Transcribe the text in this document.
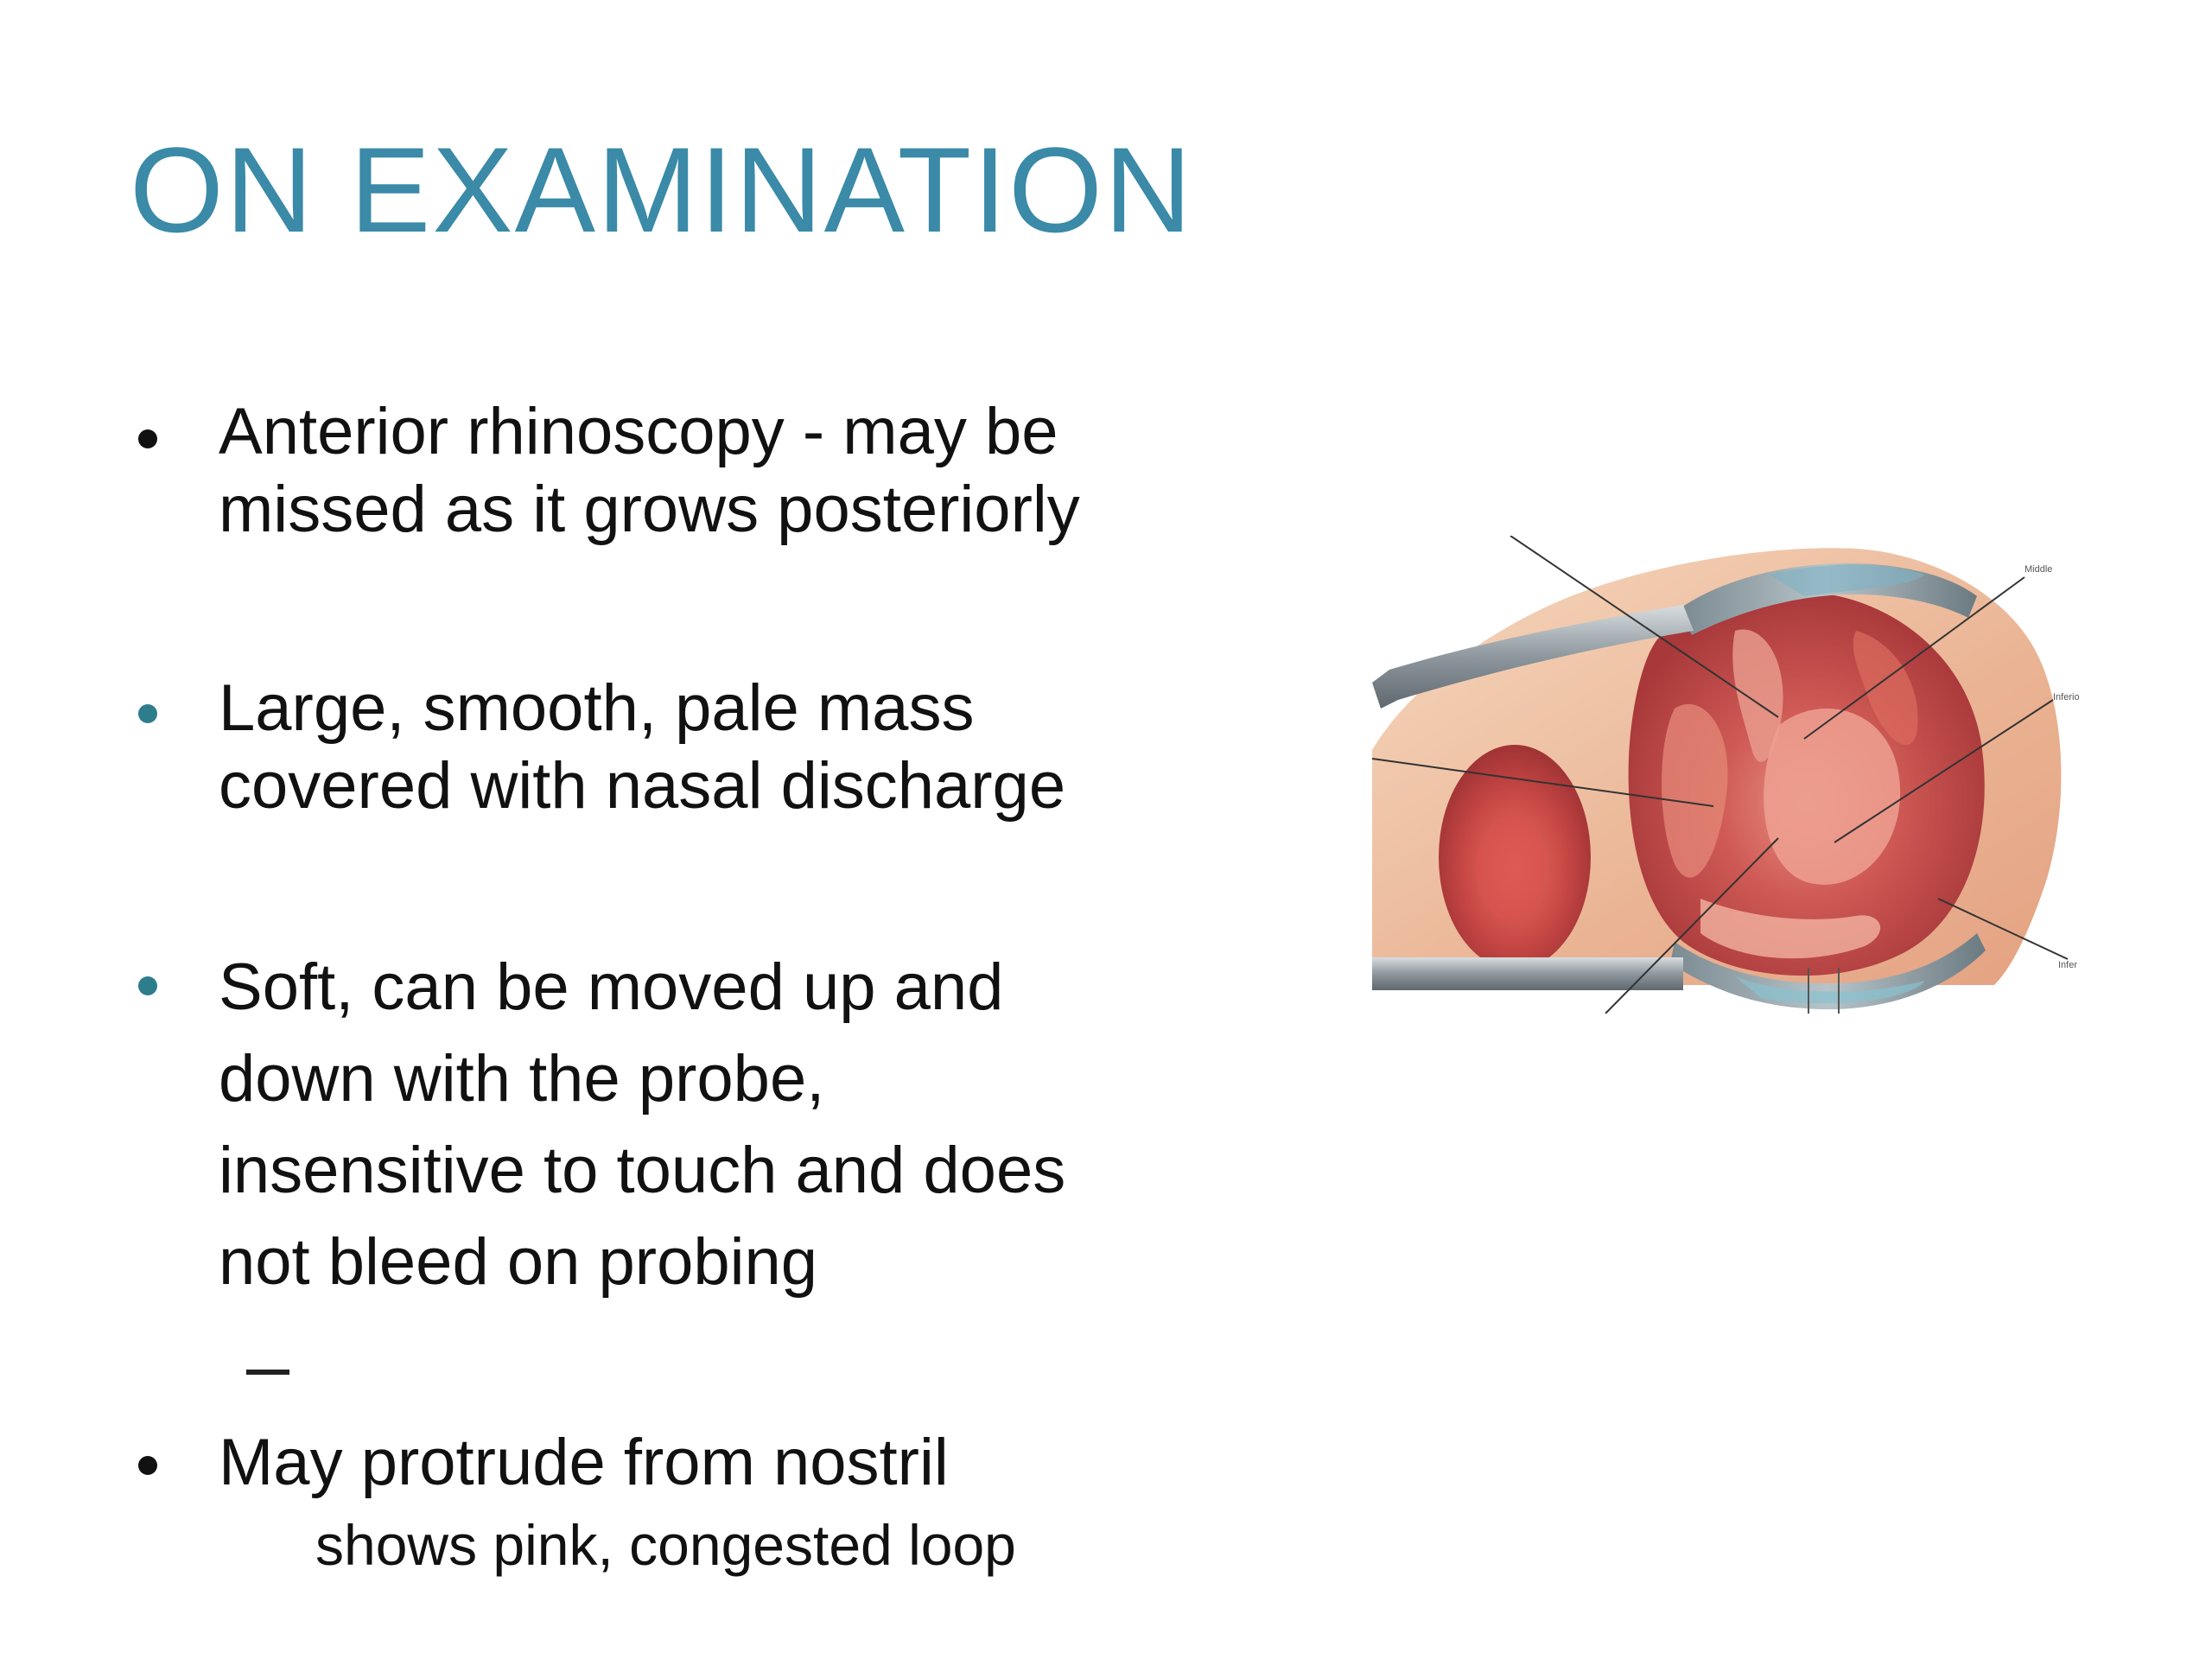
ON EXAMINATION
Anterior rhinoscopy - may be
missed as it grows posteriorly
Large, smooth, pale mass
covered with nasal discharge
Soft, can be moved up and
down with the probe,
insensitive to touch and does
not bleed on probing
May protrude from nostril
shows pink, congested loop
Middle
Inferio
Infer
